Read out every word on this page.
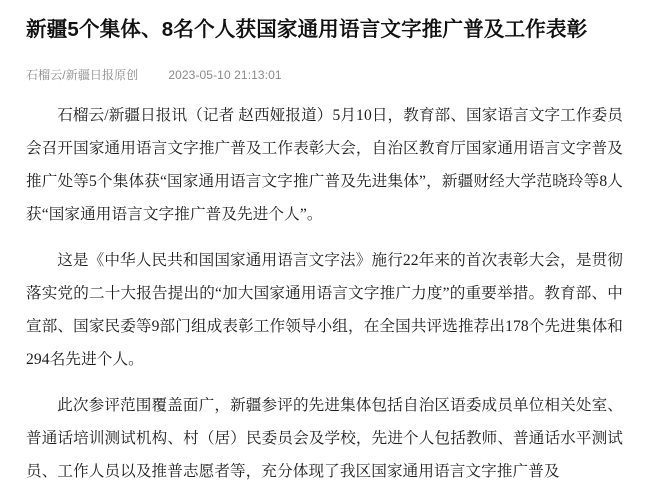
新疆5个集体、8名个人获国家通用语言文字推广普及工作表彰
石榴云/新疆日报原创	2023-05-10 21:13:01

石榴云/新疆日报讯（记者 赵西娅报道）5月10日，教育部、国家语言文字工作委员会召开国家通用语言文字推广普及工作表彰大会，自治区教育厅国家通用语言文字普及推广处等5个集体获“国家通用语言文字推广普及先进集体”，新疆财经大学范晓玲等8人获“国家通用语言文字推广普及先进个人”。

这是《中华人民共和国国家通用语言文字法》施行22年来的首次表彰大会，是贯彻落实党的二十大报告提出的“加大国家通用语言文字推广力度”的重要举措。教育部、中宣部、国家民委等9部门组成表彰工作领导小组，在全国共评选推荐出178个先进集体和294名先进个人。

此次参评范围覆盖面广，新疆参评的先进集体包括自治区语委成员单位相关处室、普通话培训测试机构、村（居）民委员会及学校，先进个人包括教师、普通话水平测试员、工作人员以及推普志愿者等，充分体现了我区国家通用语言文字推广普及
